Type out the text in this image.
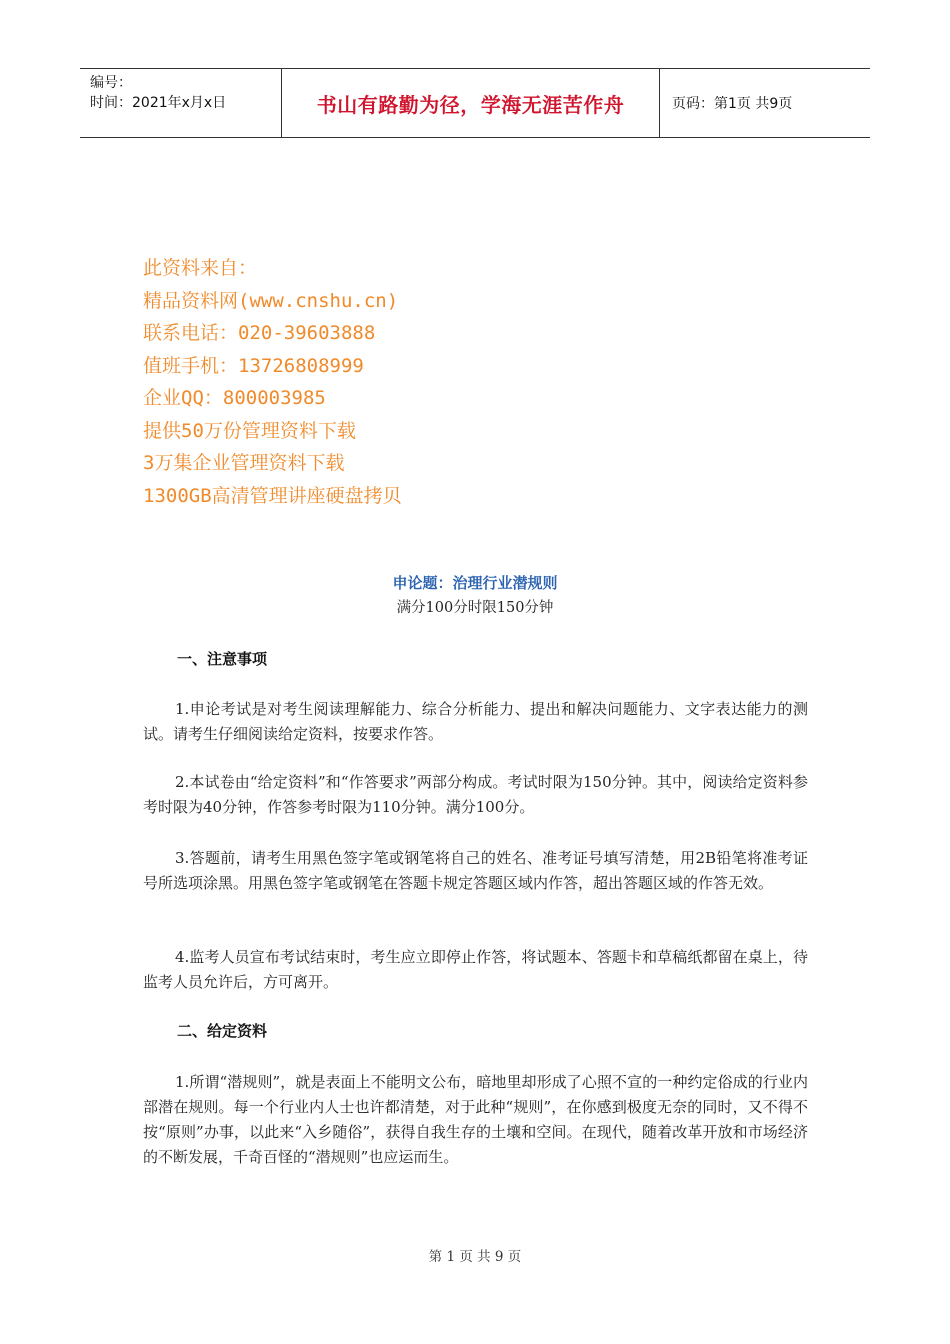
编号：
时间：2021年x月x日	书山有路勤为径，学海无涯苦作舟	页码：第1页 共9页
此资料来自：
精品资料网(www.cnshu.cn)
联系电话：020-39603888
值班手机：13726808999
企业QQ：800003985
提供50万份管理资料下载
3万集企业管理资料下载
1300GB高清管理讲座硬盘拷贝
申论题：治理行业潜规则
满分100分时限150分钟
一、注意事项
1.申论考试是对考生阅读理解能力、综合分析能力、提出和解决问题能力、文字表达能力的测试。请考生仔细阅读给定资料，按要求作答。
2.本试卷由“给定资料”和“作答要求”两部分构成。考试时限为150分钟。其中，阅读给定资料参考时限为40分钟，作答参考时限为110分钟。满分100分。
3.答题前，请考生用黑色签字笔或钢笔将自己的姓名、准考证号填写清楚，用2B铅笔将准考证号所选项涂黑。用黑色签字笔或钢笔在答题卡规定答题区域内作答，超出答题区域的作答无效。
4.监考人员宣布考试结束时，考生应立即停止作答，将试题本、答题卡和草稿纸都留在桌上，待监考人员允许后，方可离开。
二、给定资料
1.所谓“潜规则”，就是表面上不能明文公布，暗地里却形成了心照不宣的一种约定俗成的行业内部潜在规则。每一个行业内人士也许都清楚，对于此种“规则”，在你感到极度无奈的同时，又不得不按“原则”办事，以此来“入乡随俗”，获得自我生存的土壤和空间。在现代，随着改革开放和市场经济的不断发展，千奇百怪的“潜规则”也应运而生。
第 1 页 共 9 页
